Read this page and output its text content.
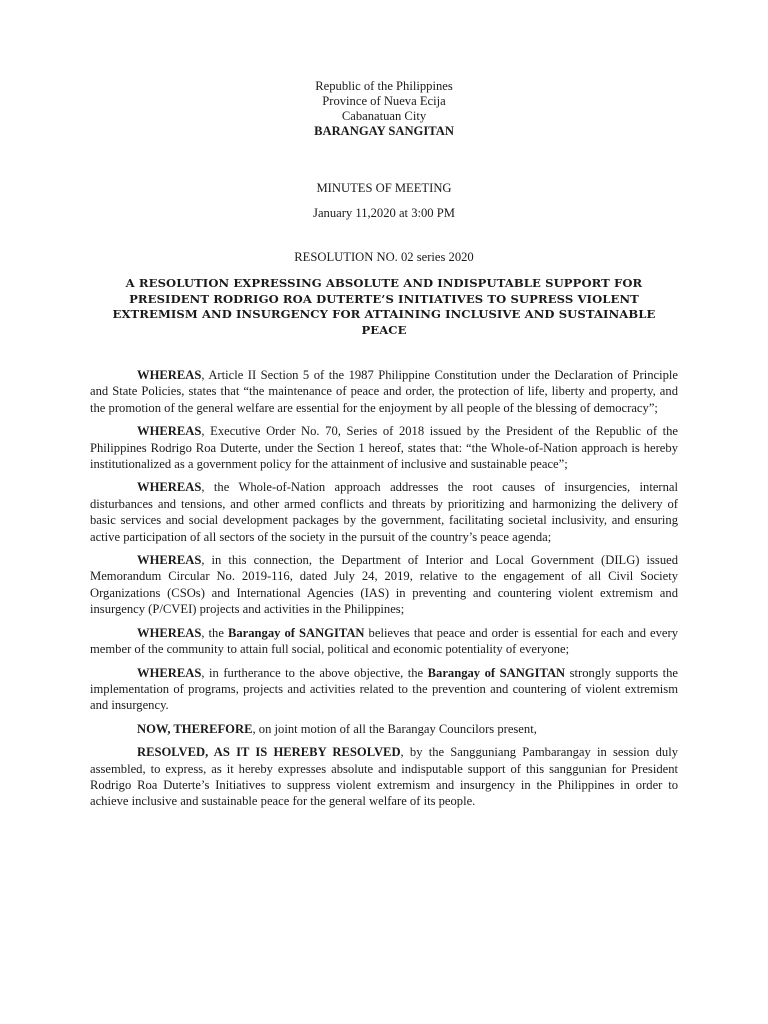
Republic of the Philippines
Province of Nueva Ecija
Cabanatuan City
BARANGAY SANGITAN
MINUTES OF MEETING
January 11,2020 at 3:00 PM
RESOLUTION NO. 02 series 2020
A RESOLUTION EXPRESSING ABSOLUTE AND INDISPUTABLE SUPPORT FOR PRESIDENT RODRIGO ROA DUTERTE’S INITIATIVES TO SUPRESS VIOLENT EXTREMISM AND INSURGENCY FOR ATTAINING INCLUSIVE AND SUSTAINABLE PEACE

WHEREAS, Article II Section 5 of the 1987 Philippine Constitution under the Declaration of Principle and State Policies, states that “the maintenance of peace and order, the protection of life, liberty and property, and the promotion of the general welfare are essential for the enjoyment by all people of the blessing of democracy”;

WHEREAS, Executive Order No. 70, Series of 2018 issued by the President of the Republic of the Philippines Rodrigo Roa Duterte, under the Section 1 hereof, states that: “the Whole-of-Nation approach is hereby institutionalized as a government policy for the attainment of inclusive and sustainable peace”;

WHEREAS, the Whole-of-Nation approach addresses the root causes of insurgencies, internal disturbances and tensions, and other armed conflicts and threats by prioritizing and harmonizing the delivery of basic services and social development packages by the government, facilitating societal inclusivity, and ensuring active participation of all sectors of the society in the pursuit of the country’s peace agenda;

WHEREAS, in this connection, the Department of Interior and Local Government (DILG) issued Memorandum Circular No. 2019-116, dated July 24, 2019, relative to the engagement of all Civil Society Organizations (CSOs) and International Agencies (IAS) in preventing and countering violent extremism and insurgency (P/CVEI) projects and activities in the Philippines;

WHEREAS, the Barangay of SANGITAN believes that peace and order is essential for each and every member of the community to attain full social, political and economic potentiality of everyone;

WHEREAS, in furtherance to the above objective, the Barangay of SANGITAN strongly supports the implementation of programs, projects and activities related to the prevention and countering of violent extremism and insurgency.

NOW, THEREFORE, on joint motion of all the Barangay Councilors present,

RESOLVED, AS IT IS HEREBY RESOLVED, by the Sangguniang Pambarangay in session duly assembled, to express, as it hereby expresses absolute and indisputable support of this sanggunian for President Rodrigo Roa Duterte’s Initiatives to suppress violent extremism and insurgency in the Philippines in order to achieve inclusive and sustainable peace for the general welfare of its people.
